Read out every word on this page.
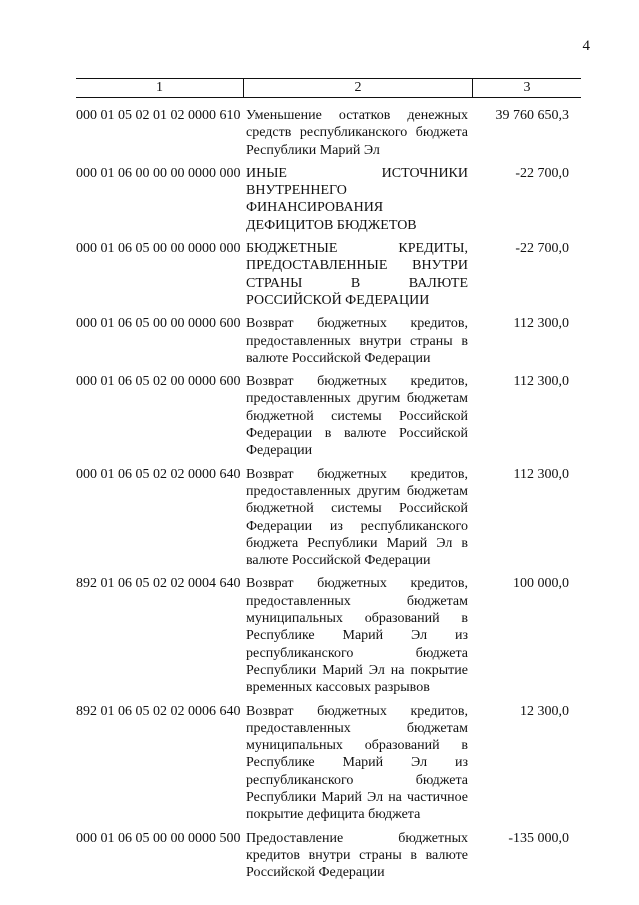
4
1	2	3
000 01 05 02 01 02 0000 610 Уменьшение остатков денежных средств республиканского бюджета Республики Марий Эл
39 760 650,3
000 01 06 00 00 00 0000 000 ИНЫЕ ИСТОЧНИКИ ВНУТРЕННЕГО ФИНАНСИРОВАНИЯ ДЕФИЦИТОВ БЮДЖЕТОВ
-22 700,0
000 01 06 05 00 00 0000 000 БЮДЖЕТНЫЕ КРЕДИТЫ, ПРЕДОСТАВЛЕННЫЕ ВНУТРИ СТРАНЫ В ВАЛЮТЕ РОССИЙСКОЙ ФЕДЕРАЦИИ
-22 700,0
000 01 06 05 00 00 0000 600 Возврат бюджетных кредитов, предоставленных внутри страны в валюте Российской Федерации
112 300,0
000 01 06 05 02 00 0000 600 Возврат бюджетных кредитов, предоставленных другим бюджетам бюджетной системы Российской Федерации в валюте Российской Федерации
112 300,0
000 01 06 05 02 02 0000 640 Возврат бюджетных кредитов, предоставленных другим бюджетам бюджетной системы Российской Федерации из республиканского бюджета Республики Марий Эл в валюте Российской Федерации
112 300,0
892 01 06 05 02 02 0004 640 Возврат бюджетных кредитов, предоставленных бюджетам муниципальных образований в Республике Марий Эл из республиканского бюджета Республики Марий Эл на покрытие временных кассовых разрывов
100 000,0
892 01 06 05 02 02 0006 640 Возврат бюджетных кредитов, предоставленных бюджетам муниципальных образований в Республике Марий Эл из республиканского бюджета Республики Марий Эл на частичное покрытие дефицита бюджета
12 300,0
000 01 06 05 00 00 0000 500 Предоставление бюджетных кредитов внутри страны в валюте Российской Федерации
-135 000,0
